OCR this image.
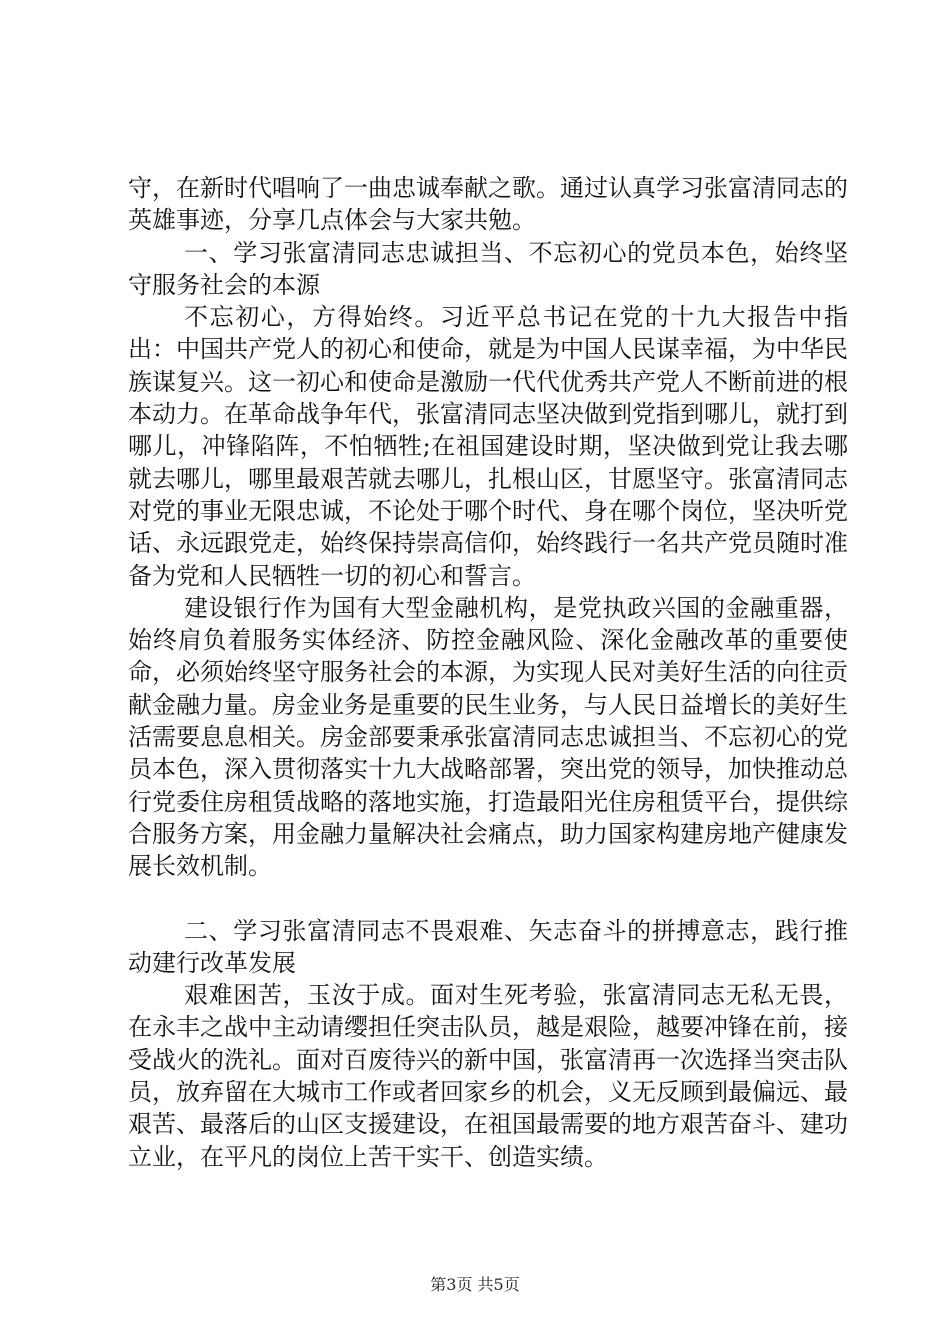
守，在新时代唱响了一曲忠诚奉献之歌。通过认真学习张富清同志的英雄事迹，分享几点体会与大家共勉。

一、学习张富清同志忠诚担当、不忘初心的党员本色，始终坚守服务社会的本源

不忘初心，方得始终。习近平总书记在党的十九大报告中指出：中国共产党人的初心和使命，就是为中国人民谋幸福，为中华民族谋复兴。这一初心和使命是激励一代代优秀共产党人不断前进的根本动力。在革命战争年代，张富清同志坚决做到党指到哪儿，就打到哪儿，冲锋陷阵，不怕牺牲;在祖国建设时期，坚决做到党让我去哪就去哪儿，哪里最艰苦就去哪儿，扎根山区，甘愿坚守。张富清同志对党的事业无限忠诚，不论处于哪个时代、身在哪个岗位，坚决听党话、永远跟党走，始终保持崇高信仰，始终践行一名共产党员随时准备为党和人民牺牲一切的初心和誓言。

建设银行作为国有大型金融机构，是党执政兴国的金融重器，始终肩负着服务实体经济、防控金融风险、深化金融改革的重要使命，必须始终坚守服务社会的本源，为实现人民对美好生活的向往贡献金融力量。房金业务是重要的民生业务，与人民日益增长的美好生活需要息息相关。房金部要秉承张富清同志忠诚担当、不忘初心的党员本色，深入贯彻落实十九大战略部署，突出党的领导，加快推动总行党委住房租赁战略的落地实施，打造最阳光住房租赁平台，提供综合服务方案，用金融力量解决社会痛点，助力国家构建房地产健康发展长效机制。

二、学习张富清同志不畏艰难、矢志奋斗的拼搏意志，践行推动建行改革发展

艰难困苦，玉汝于成。面对生死考验，张富清同志无私无畏，在永丰之战中主动请缨担任突击队员，越是艰险，越要冲锋在前，接受战火的洗礼。面对百废待兴的新中国，张富清再一次选择当突击队员，放弃留在大城市工作或者回家乡的机会，义无反顾到最偏远、最艰苦、最落后的山区支援建设，在祖国最需要的地方艰苦奋斗、建功立业，在平凡的岗位上苦干实干、创造实绩。

第3页 共5页
